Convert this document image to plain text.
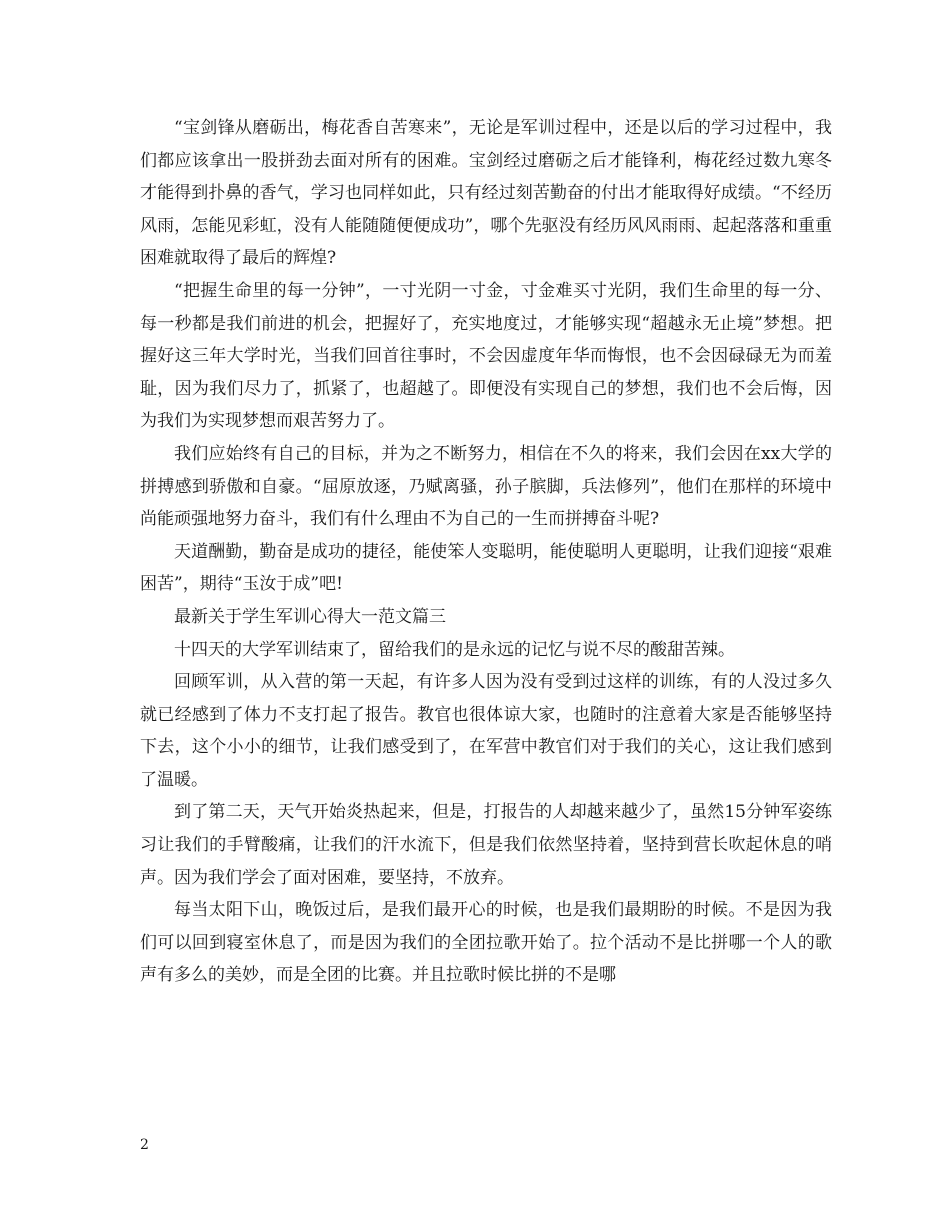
“宝剑锋从磨砺出，梅花香自苦寒来”，无论是军训过程中，还是以后的学习过程中，我们都应该拿出一股拼劲去面对所有的困难。宝剑经过磨砺之后才能锋利，梅花经过数九寒冬才能得到扑鼻的香气，学习也同样如此，只有经过刻苦勤奋的付出才能取得好成绩。“不经历风雨，怎能见彩虹，没有人能随随便便成功”，哪个先驱没有经历风风雨雨、起起落落和重重困难就取得了最后的辉煌?

“把握生命里的每一分钟”，一寸光阴一寸金，寸金难买寸光阴，我们生命里的每一分、每一秒都是我们前进的机会，把握好了，充实地度过，才能够实现“超越永无止境”梦想。把握好这三年大学时光，当我们回首往事时，不会因虚度年华而悔恨，也不会因碌碌无为而羞耻，因为我们尽力了，抓紧了，也超越了。即便没有实现自己的梦想，我们也不会后悔，因为我们为实现梦想而艰苦努力了。

我们应始终有自己的目标，并为之不断努力，相信在不久的将来，我们会因在xx大学的拼搏感到骄傲和自豪。“屈原放逐，乃赋离骚，孙子膑脚，兵法修列”，他们在那样的环境中尚能顽强地努力奋斗，我们有什么理由不为自己的一生而拼搏奋斗呢?

天道酬勤，勤奋是成功的捷径，能使笨人变聪明，能使聪明人更聪明，让我们迎接“艰难困苦”，期待“玉汝于成”吧!

最新关于学生军训心得大一范文篇三

十四天的大学军训结束了，留给我们的是永远的记忆与说不尽的酸甜苦辣。

回顾军训，从入营的第一天起，有许多人因为没有受到过这样的训练，有的人没过多久就已经感到了体力不支打起了报告。教官也很体谅大家，也随时的注意着大家是否能够坚持下去，这个小小的细节，让我们感受到了，在军营中教官们对于我们的关心，这让我们感到了温暖。

到了第二天，天气开始炎热起来，但是，打报告的人却越来越少了，虽然15分钟军姿练习让我们的手臂酸痛，让我们的汗水流下，但是我们依然坚持着，坚持到营长吹起休息的哨声。因为我们学会了面对困难，要坚持，不放弃。

每当太阳下山，晚饭过后，是我们最开心的时候，也是我们最期盼的时候。不是因为我们可以回到寝室休息了，而是因为我们的全团拉歌开始了。拉个活动不是比拼哪一个人的歌声有多么的美妙，而是全团的比赛。并且拉歌时候比拼的不是哪

2
